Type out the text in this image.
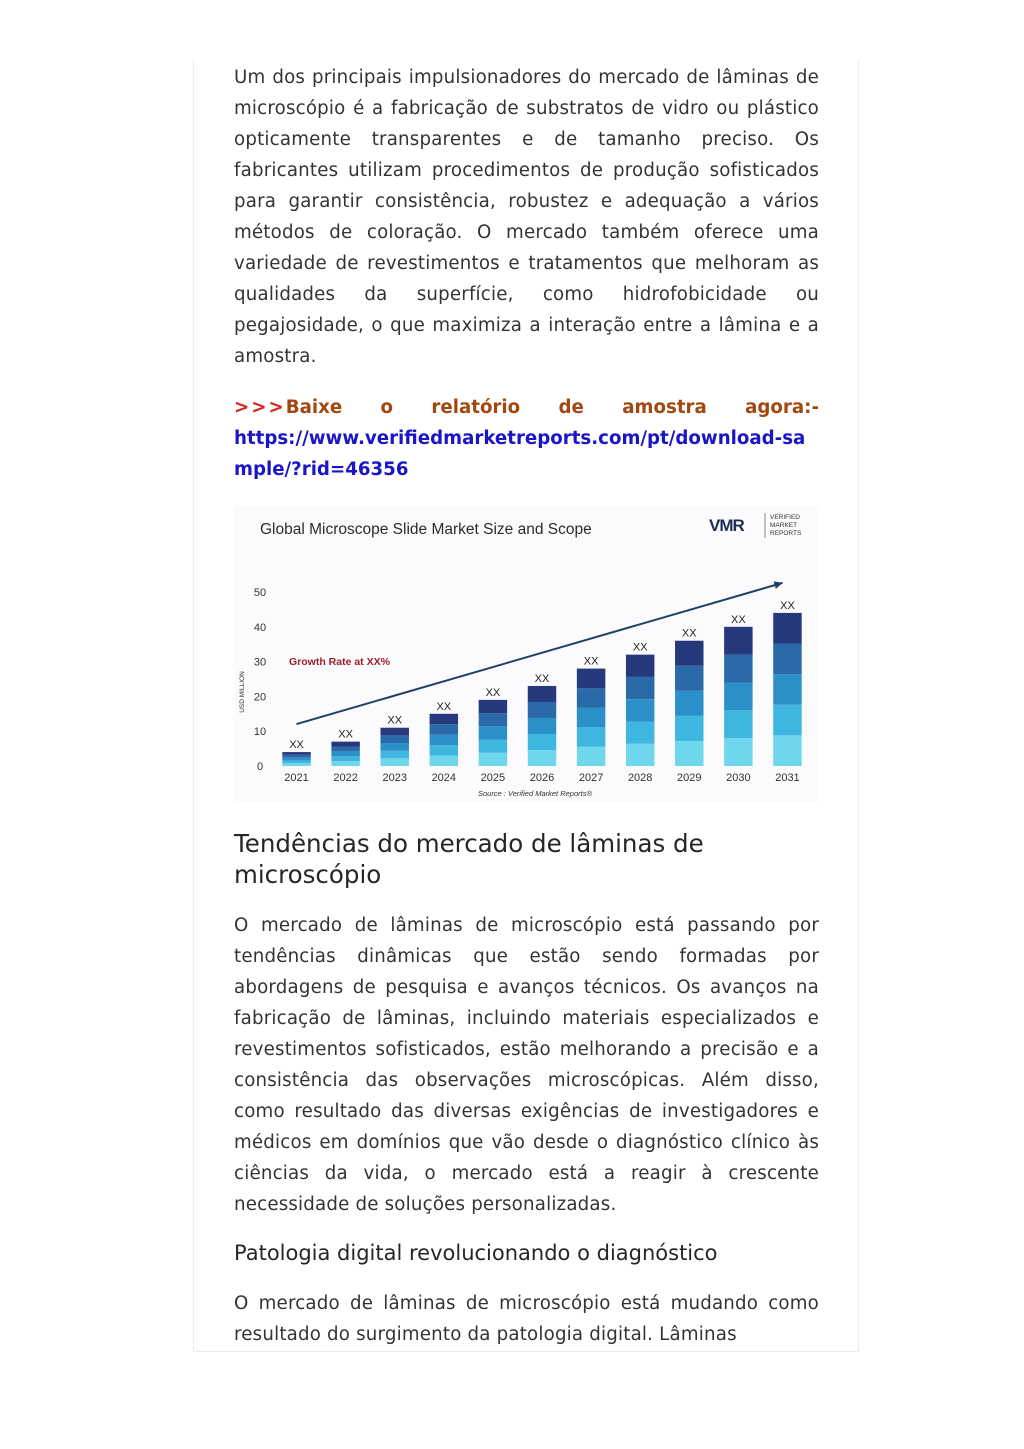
Um dos principais impulsionadores do mercado de lâminas de microscópio é a fabricação de substratos de vidro ou plástico opticamente transparentes e de tamanho preciso. Os fabricantes utilizam procedimentos de produção sofisticados para garantir consistência, robustez e adequação a vários métodos de coloração. O mercado também oferece uma variedade de revestimentos e tratamentos que melhoram as qualidades da superfície, como hidrofobicidade ou pegajosidade, o que maximiza a interação entre a lâmina e a amostra.

>>>Baixe o relatório de amostra agora:-
https://www.verifiedmarketreports.com/pt/download-sample/?rid=46356
Global Microscope Slide Market Size and Scope	VMR	VERIFIED
MARKET
REPORTS
USD MILLION
Growth Rate at XX%
0
10
20
30
40
50
XX
XX
XX
XX
XX
XX
XX
XX
XX
XX
XX
2021 2022 2023 2024 2025 2026 2027 2028 2029 2030 2031
Source : Verified Market Reports®
Tendências do mercado de lâminas de microscópio

O mercado de lâminas de microscópio está passando por tendências dinâmicas que estão sendo formadas por abordagens de pesquisa e avanços técnicos. Os avanços na fabricação de lâminas, incluindo materiais especializados e revestimentos sofisticados, estão melhorando a precisão e a consistência das observações microscópicas. Além disso, como resultado das diversas exigências de investigadores e médicos em domínios que vão desde o diagnóstico clínico às ciências da vida, o mercado está a reagir à crescente necessidade de soluções personalizadas.

Patologia digital revolucionando o diagnóstico

O mercado de lâminas de microscópio está mudando como resultado do surgimento da patologia digital. Lâminas
